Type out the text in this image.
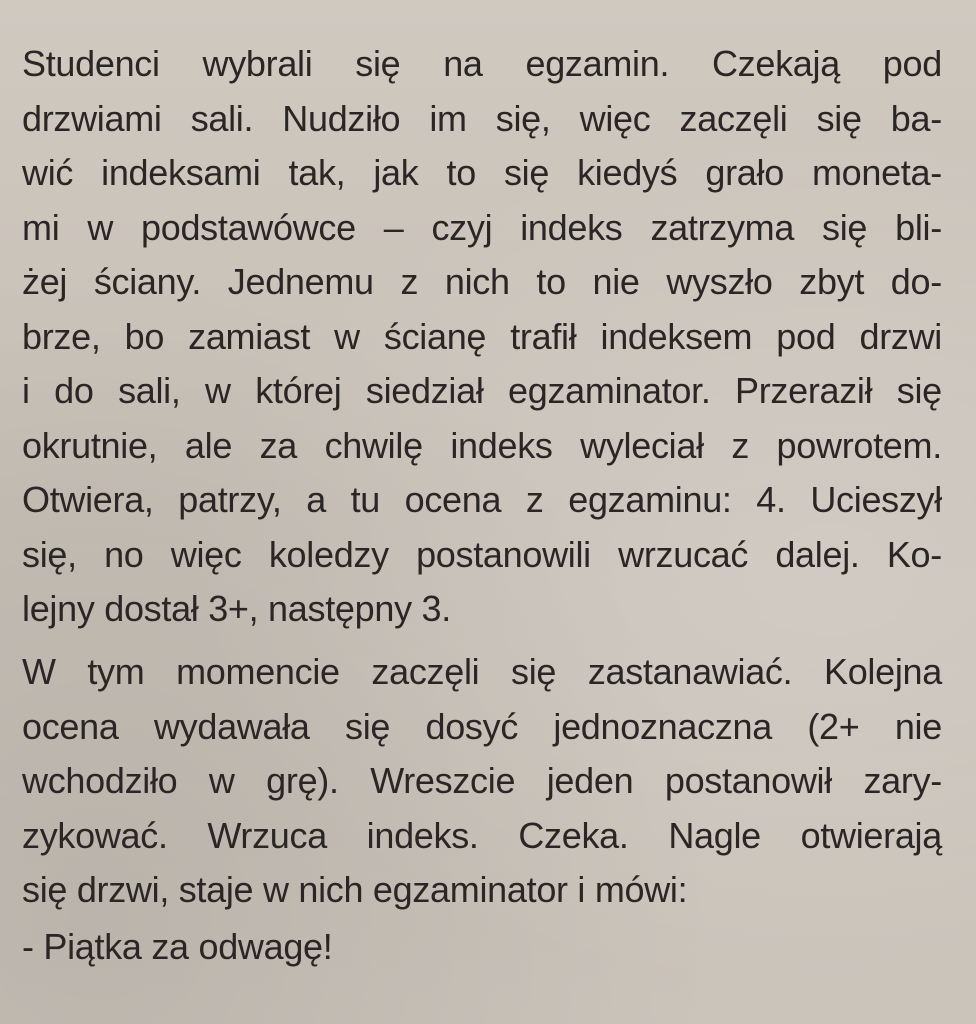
Studenci wybrali się na egzamin. Czekają pod
drzwiami sali. Nudziło im się, więc zaczęli się ba-
wić indeksami tak, jak to się kiedyś grało moneta-
mi w podstawówce – czyj indeks zatrzyma się bli-
żej ściany. Jednemu z nich to nie wyszło zbyt do-
brze, bo zamiast w ścianę trafił indeksem pod drzwi
i do sali, w której siedział egzaminator. Przeraził się
okrutnie, ale za chwilę indeks wyleciał z powrotem.
Otwiera, patrzy, a tu ocena z egzaminu: 4. Ucieszył
się, no więc koledzy postanowili wrzucać dalej. Ko-
lejny dostał 3+, następny 3.
W tym momencie zaczęli się zastanawiać. Kolejna
ocena wydawała się dosyć jednoznaczna (2+ nie
wchodziło w grę). Wreszcie jeden postanowił zary-
zykować. Wrzuca indeks. Czeka. Nagle otwierają
się drzwi, staje w nich egzaminator i mówi:
- Piątka za odwagę!
